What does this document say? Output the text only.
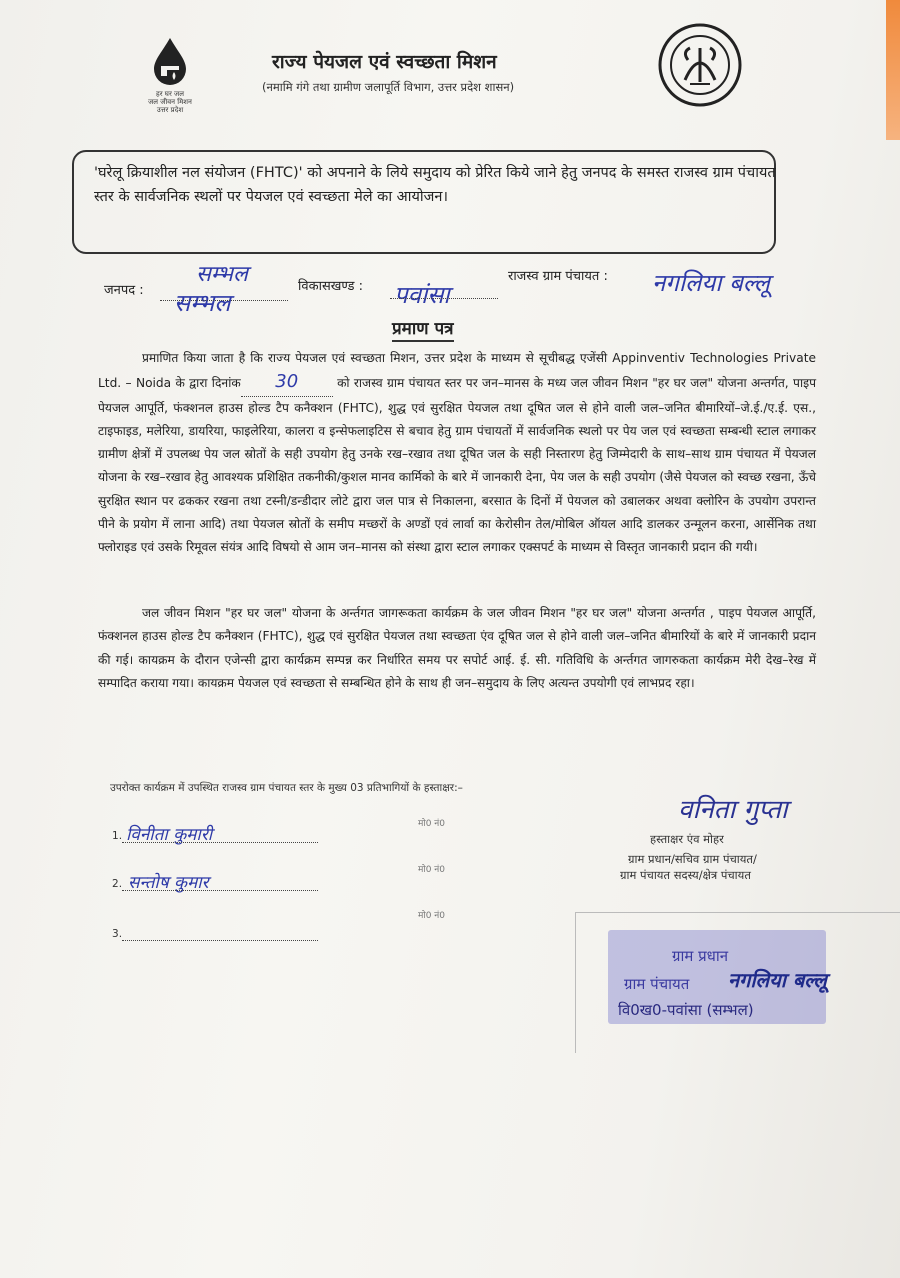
हर घर जल
जल जीवन मिशन
उत्तर प्रदेश
राज्य पेयजल एवं स्वच्छता मिशन
(नमामि गंगे तथा ग्रामीण जलापूर्ति विभाग, उत्तर प्रदेश शासन)
'घरेलू क्रियाशील नल संयोजन (FHTC)' को अपनाने के लिये समुदाय को प्रेरित किये जाने हेतु जनपद के समस्त राजस्व ग्राम पंचायत स्तर के सार्वजनिक स्थलों पर पेयजल एवं स्वच्छता मेले का आयोजन।
जनपद :
सम्भल
सम्भल
विकासखण्ड : पवांसा
राजस्व ग्राम पंचायत : नगलिया बल्लू
प्रमाण पत्र

प्रमाणित किया जाता है कि राज्य पेयजल एवं स्वच्छता मिशन, उत्तर प्रदेश के माध्यम से सूचीबद्ध एजेंसी Appinventiv Technologies Private Ltd. – Noida के द्वारा दिनांक 30	को राजस्व ग्राम पंचायत स्तर पर जन–मानस के मध्य जल जीवन मिशन "हर घर जल" योजना अन्तर्गत, पाइप पेयजल आपूर्ति, फंक्शनल हाउस होल्ड टैप कनैक्शन (FHTC), शुद्ध एवं सुरक्षित पेयजल तथा दूषित जल से होने वाली जल–जनित बीमारियों–जे.ई./ए.ई. एस., टाइफाइड, मलेरिया, डायरिया, फाइलेरिया, कालरा व इन्सेफलाइटिस से बचाव हेतु ग्राम पंचायतों में सार्वजनिक स्थलो पर पेय जल एवं स्वच्छता सम्बन्धी स्टाल लगाकर ग्रामीण क्षेत्रों में उपलब्ध पेय जल स्रोतों के सही उपयोग हेतु उनके रख–रखाव तथा दूषित जल के सही निस्तारण हेतु जिम्मेदारी के साथ–साथ ग्राम पंचायत में पेयजल योजना के रख–रखाव हेतु आवश्यक प्रशिक्षित तकनीकी/कुशल मानव कार्मिको के बारे में जानकारी देना, पेय जल के सही उपयोग (जैसे पेयजल को स्वच्छ रखना, ऊँचे सुरक्षित स्थान पर ढककर रखना तथा टस्नी/डन्डीदार लोटे द्वारा जल पात्र से निकालना, बरसात के दिनों में पेयजल को उबालकर अथवा क्लोरिन के उपयोग उपरान्त पीने के प्रयोग में लाना आदि) तथा पेयजल स्रोतों के समीप मच्छरों के अण्डों एवं लार्वा का केरोसीन तेल/मोबिल ऑयल आदि डालकर उन्मूलन करना, आर्सेनिक तथा फ्लोराइड एवं उसके रिमूवल संयंत्र आदि विषयो से आम जन–मानस को संस्था द्वारा स्टाल लगाकर एक्सपर्ट के माध्यम से विस्तृत जानकारी प्रदान की गयी।

जल जीवन मिशन "हर घर जल" योजना के अर्न्तगत जागरूकता कार्यक्रम के जल जीवन मिशन "हर घर जल" योजना अन्तर्गत , पाइप पेयजल आपूर्ति, फंक्शनल हाउस होल्ड टैप कनैक्शन (FHTC), शुद्ध एवं सुरक्षित पेयजल तथा स्वच्छता एंव दूषित जल से होने वाली जल–जनित बीमारियों के बारे में जानकारी प्रदान की गई। कायक्रम के दौरान एजेन्सी द्वारा कार्यक्रम सम्पन्न कर निर्धारित समय पर सपोर्ट आई. ई. सी. गतिविधि के अर्न्तगत जागरुकता कार्यक्रम मेरी देख–रेख में सम्पादित कराया गया। कायक्रम पेयजल एवं स्वच्छता से सम्बन्धित होने के साथ ही जन–समुदाय के लिए अत्यन्त उपयोगी एवं लाभप्रद रहा।

उपरोक्त कार्यक्रम में उपस्थित राजस्व ग्राम पंचायत स्तर के मुख्य 03 प्रतिभागियों के हस्ताक्षर:–
1. विनीता कुमारी
मो0 नं0
2. सन्तोष कुमार
मो0 नं0
3.
मो0 नं0
वनिता गुप्ता
हस्ताक्षर एंव मोहर
ग्राम प्रधान/सचिव ग्राम पंचायत/
ग्राम पंचायत सदस्य/क्षेत्र पंचायत
ग्राम प्रधान
ग्राम पंचायत नगलिया बल्लू
वि0ख0-पवांसा (सम्भल)
